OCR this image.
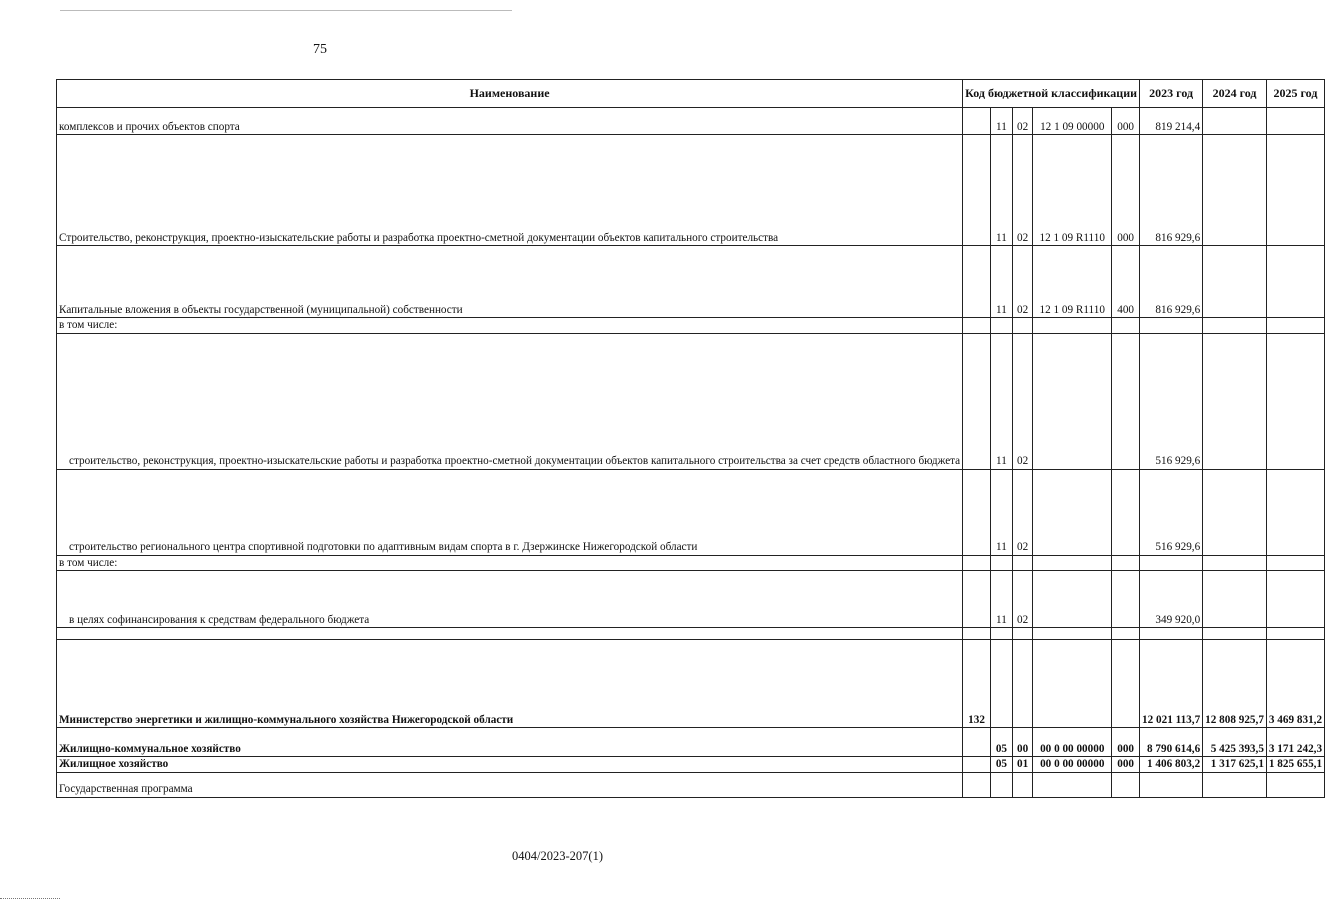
75
Наименование	Код бюджетной классификации					2023 год	2024 год	2025 год
комплексов и прочих объектов спорта		11	02	12 1 09 00000	000	819 214,4		
Строительство, реконструкция, проектно-изыскательские работы и разработка проектно-сметной документации объектов капитального строительства		11	02	12 1 09 R1110	000	816 929,6		
Капитальные вложения в объекты государственной (муниципальной) собственности		11	02	12 1 09 R1110	400	816 929,6		
в том числе:								
строительство, реконструкция, проектно-изыскательские работы и разработка проектно-сметной документации объектов капитального строительства за счет средств областного бюджета		11	02			516 929,6		
строительство регионального центра спортивной подготовки по адаптивным видам спорта в г. Дзержинске Нижегородской области		11	02			516 929,6		
в том числе:								
в целях софинансирования к средствам федерального бюджета		11	02			349 920,0		

Министерство энергетики и жилищно-коммунального хозяйства Нижегородской области	132					12 021 113,7	12 808 925,7	3 469 831,2
Жилищно-коммунальное хозяйство		05	00	00 0 00 00000	000	8 790 614,6	5 425 393,5	3 171 242,3
Жилищное хозяйство		05	01	00 0 00 00000	000	1 406 803,2	1 317 625,1	1 825 655,1
Государственная программа								
0404/2023-207(1)
